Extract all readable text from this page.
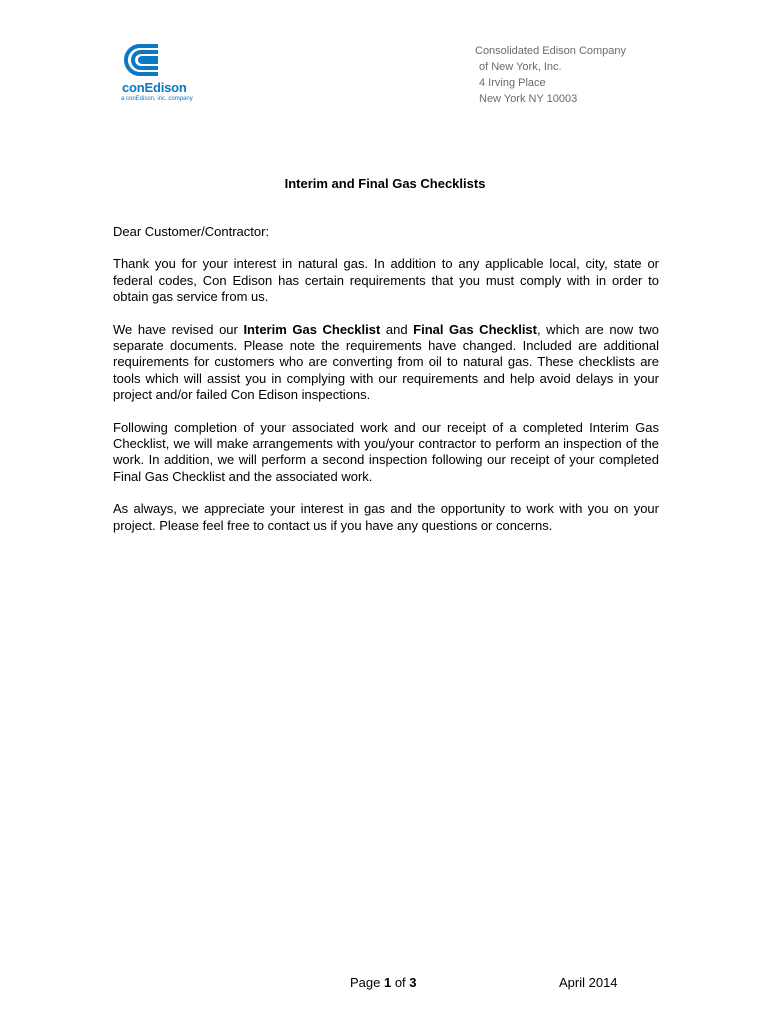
conEdison
a conEdison, inc. company
Consolidated Edison Company
of New York, Inc.
4 Irving Place
New York NY 10003
Interim and Final Gas Checklists

Dear Customer/Contractor:

Thank you for your interest in natural gas. In addition to any applicable local, city, state or federal codes, Con Edison has certain requirements that you must comply with in order to obtain gas service from us.

We have revised our Interim Gas Checklist and Final Gas Checklist, which are now two separate documents. Please note the requirements have changed. Included are additional requirements for customers who are converting from oil to natural gas. These checklists are tools which will assist you in complying with our requirements and help avoid delays in your project and/or failed Con Edison inspections.

Following completion of your associated work and our receipt of a completed Interim Gas Checklist, we will make arrangements with you/your contractor to perform an inspection of the work. In addition, we will perform a second inspection following our receipt of your completed Final Gas Checklist and the associated work.

As always, we appreciate your interest in gas and the opportunity to work with you on your project. Please feel free to contact us if you have any questions or concerns.

Page 1 of 3	April 2014
